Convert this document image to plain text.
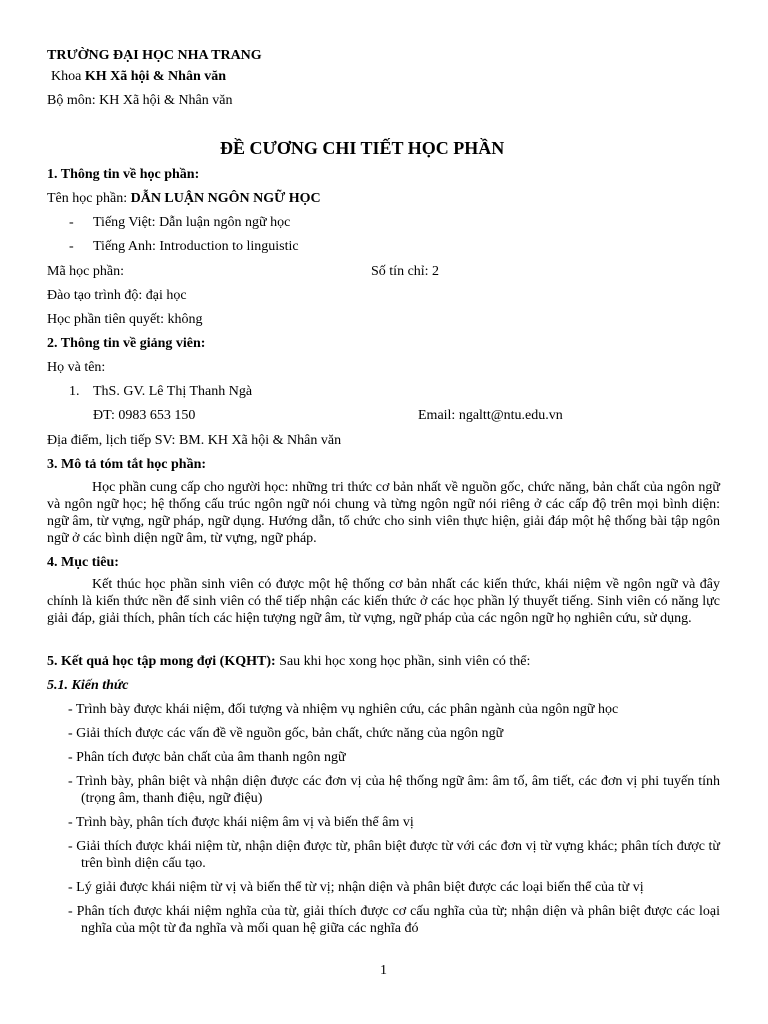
TRƯỜNG ĐẠI HỌC NHA TRANG
Khoa KH Xã hội & Nhân văn
Bộ môn: KH Xã hội & Nhân văn
ĐỀ CƯƠNG CHI TIẾT HỌC PHẦN
1. Thông tin về học phần:
Tên học phần: DẪN LUẬN NGÔN NGỮ HỌC
- Tiếng Việt: Dẫn luận ngôn ngữ học
- Tiếng Anh: Introduction to linguistic
Mã học phần:	Số tín chỉ: 2
Đào tạo trình độ: đại học
Học phần tiên quyết: không
2. Thông tin về giảng viên:
Họ và tên:
1. ThS. GV. Lê Thị Thanh Ngà
ĐT: 0983 653 150	Email: ngaltt@ntu.edu.vn
Địa điểm, lịch tiếp SV: BM. KH Xã hội & Nhân văn
3. Mô tả tóm tắt học phần:
Học phần cung cấp cho người học: những tri thức cơ bản nhất về nguồn gốc, chức năng, bản chất của ngôn ngữ và ngôn ngữ học; hệ thống cấu trúc ngôn ngữ nói chung và từng ngôn ngữ nói riêng ở các cấp độ trên mọi bình diện: ngữ âm, từ vựng, ngữ pháp, ngữ dụng. Hướng dẫn, tổ chức cho sinh viên thực hiện, giải đáp một hệ thống bài tập ngôn ngữ ở các bình diện ngữ âm, từ vựng, ngữ pháp.
4. Mục tiêu:
Kết thúc học phần sinh viên có được một hệ thống cơ bản nhất các kiến thức, khái niệm về ngôn ngữ và đây chính là kiến thức nền để sinh viên có thể tiếp nhận các kiến thức ở các học phần lý thuyết tiếng. Sinh viên có năng lực giải đáp, giải thích, phân tích các hiện tượng ngữ âm, từ vựng, ngữ pháp của các ngôn ngữ họ nghiên cứu, sử dụng.
5. Kết quả học tập mong đợi (KQHT): Sau khi học xong học phần, sinh viên có thể:
5.1. Kiến thức
- Trình bày được khái niệm, đối tượng và nhiệm vụ nghiên cứu, các phân ngành của ngôn ngữ học
- Giải thích được các vấn đề về nguồn gốc, bản chất, chức năng của ngôn ngữ
- Phân tích được bản chất của âm thanh ngôn ngữ
- Trình bày, phân biệt và nhận diện được các đơn vị của hệ thống ngữ âm: âm tố, âm tiết, các đơn vị phi tuyến tính (trọng âm, thanh điệu, ngữ điệu)
- Trình bày, phân tích được khái niệm âm vị và biến thể âm vị
- Giải thích được khái niệm từ, nhận diện được từ, phân biệt được từ với các đơn vị từ vựng khác; phân tích được từ trên bình diện cấu tạo.
- Lý giải được khái niệm từ vị và biến thể từ vị; nhận diện và phân biệt được các loại biến thể của từ vị
- Phân tích được khái niệm nghĩa của từ, giải thích được cơ cấu nghĩa của từ; nhận diện và phân biệt được các loại nghĩa của một từ đa nghĩa và mối quan hệ giữa các nghĩa đó
1
